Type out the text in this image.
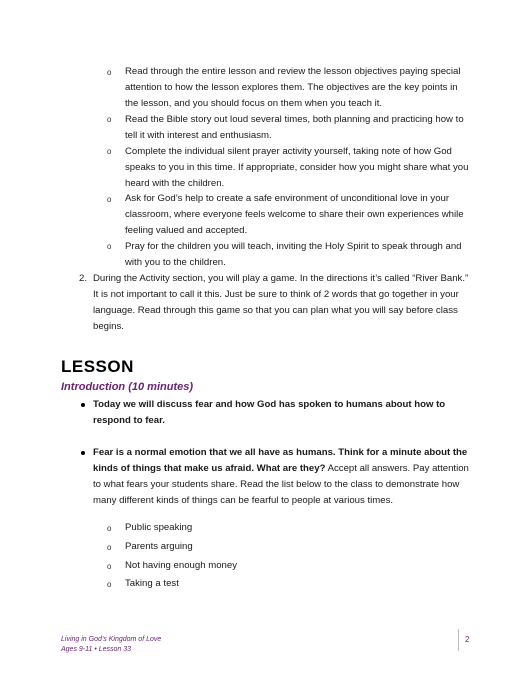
o Read through the entire lesson and review the lesson objectives paying special
attention to how the lesson explores them. The objectives are the key points in
the lesson, and you should focus on them when you teach it.
o Read the Bible story out loud several times, both planning and practicing how to
tell it with interest and enthusiasm.
o Complete the individual silent prayer activity yourself, taking note of how God
speaks to you in this time. If appropriate, consider how you might share what you
heard with the children.
o Ask for God’s help to create a safe environment of unconditional love in your
classroom, where everyone feels welcome to share their own experiences while
feeling valued and accepted.
o Pray for the children you will teach, inviting the Holy Spirit to speak through and
with you to the children.
2. During the Activity section, you will play a game. In the directions it’s called “River Bank.”
It is not important to call it this. Just be sure to think of 2 words that go together in your
language. Read through this game so that you can plan what you will say before class
begins.
LESSON
Introduction (10 minutes)
Today we will discuss fear and how God has spoken to humans about how to
respond to fear.
Fear is a normal emotion that we all have as humans. Think for a minute about the
kinds of things that make us afraid. What are they? Accept all answers. Pay attention
to what fears your students share. Read the list below to the class to demonstrate how
many different kinds of things can be fearful to people at various times.
o Public speaking
o Parents arguing
o Not having enough money
o Taking a test
Living in God’s Kingdom of Love
Ages 9-11 • Lesson 33
2
